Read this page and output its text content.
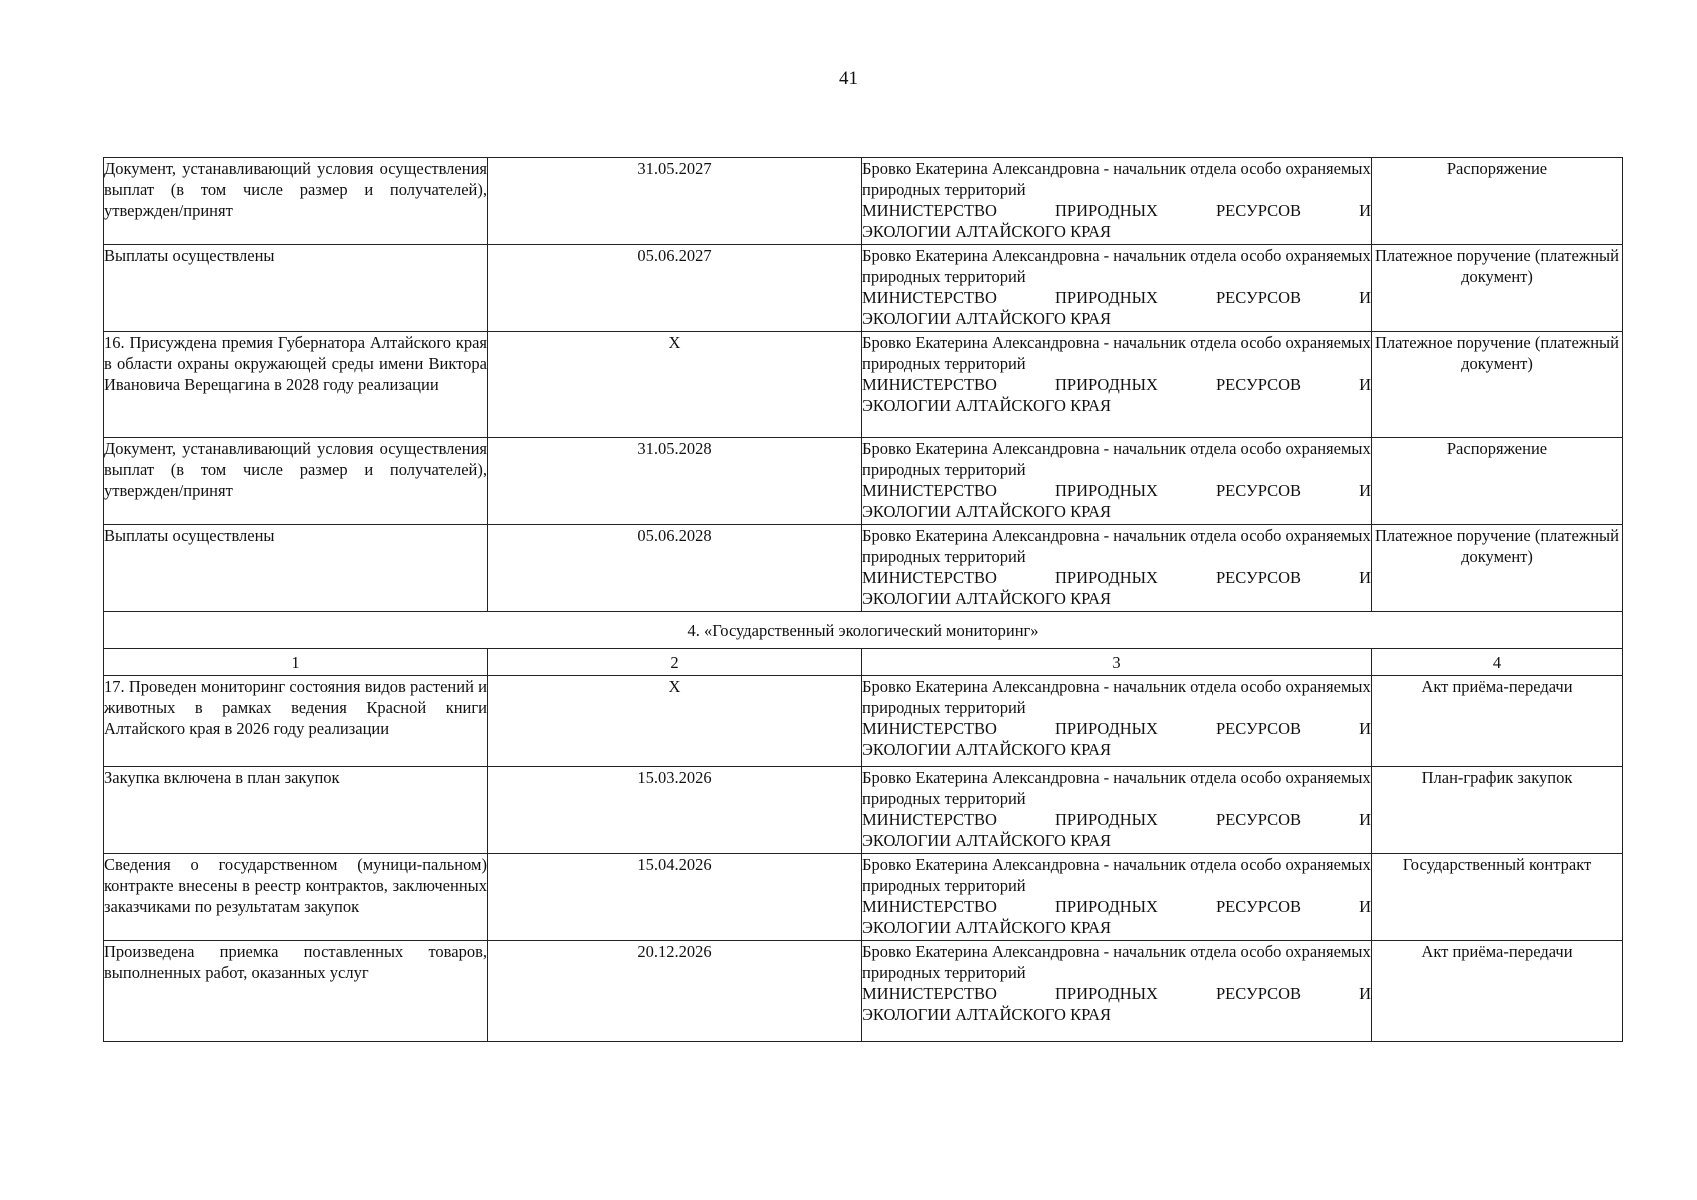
41
Документ, устанавливающий условия осуществления выплат (в том числе размер и получателей), утвержден/принят	31.05.2027	Бровко Екатерина Александровна - начальник отдела особо охраняемых природных территорий
МИНИСТЕРСТВО ПРИРОДНЫХ РЕСУРСОВ И
ЭКОЛОГИИ АЛТАЙСКОГО КРАЯ	Распоряжение
Выплаты осуществлены	05.06.2027	Бровко Екатерина Александровна - начальник отдела особо охраняемых природных территорий
МИНИСТЕРСТВО ПРИРОДНЫХ РЕСУРСОВ И
ЭКОЛОГИИ АЛТАЙСКОГО КРАЯ	Платежное поручение (платежный документ)
16. Присуждена премия Губернатора Алтайского края в области охраны окружающей среды имени Виктора Ивановича Верещагина в 2028 году реализации	X	Бровко Екатерина Александровна - начальник отдела особо охраняемых природных территорий
МИНИСТЕРСТВО ПРИРОДНЫХ РЕСУРСОВ И
ЭКОЛОГИИ АЛТАЙСКОГО КРАЯ	Платежное поручение (платежный документ)
Документ, устанавливающий условия осуществления выплат (в том числе размер и получателей), утвержден/принят	31.05.2028	Бровко Екатерина Александровна - начальник отдела особо охраняемых природных территорий
МИНИСТЕРСТВО ПРИРОДНЫХ РЕСУРСОВ И
ЭКОЛОГИИ АЛТАЙСКОГО КРАЯ	Распоряжение
Выплаты осуществлены	05.06.2028	Бровко Екатерина Александровна - начальник отдела особо охраняемых природных территорий
МИНИСТЕРСТВО ПРИРОДНЫХ РЕСУРСОВ И
ЭКОЛОГИИ АЛТАЙСКОГО КРАЯ	Платежное поручение (платежный документ)
4. «Государственный экологический мониторинг»			
1	2	3	4
17. Проведен мониторинг состояния видов растений и животных в рамках ведения Красной книги Алтайского края в 2026 году реализации	X	Бровко Екатерина Александровна - начальник отдела особо охраняемых природных территорий
МИНИСТЕРСТВО ПРИРОДНЫХ РЕСУРСОВ И
ЭКОЛОГИИ АЛТАЙСКОГО КРАЯ	Акт приёма-передачи
Закупка включена в план закупок	15.03.2026	Бровко Екатерина Александровна - начальник отдела особо охраняемых природных территорий
МИНИСТЕРСТВО ПРИРОДНЫХ РЕСУРСОВ И
ЭКОЛОГИИ АЛТАЙСКОГО КРАЯ	План-график закупок
Сведения о государственном (муници-пальном) контракте внесены в реестр контрактов, заключенных заказчиками по результатам закупок	15.04.2026	Бровко Екатерина Александровна - начальник отдела особо охраняемых природных территорий
МИНИСТЕРСТВО ПРИРОДНЫХ РЕСУРСОВ И
ЭКОЛОГИИ АЛТАЙСКОГО КРАЯ	Государственный контракт
Произведена приемка поставленных товаров, выполненных работ, оказанных услуг	20.12.2026	Бровко Екатерина Александровна - начальник отдела особо охраняемых природных территорий
МИНИСТЕРСТВО ПРИРОДНЫХ РЕСУРСОВ И
ЭКОЛОГИИ АЛТАЙСКОГО КРАЯ	Акт приёма-передачи
